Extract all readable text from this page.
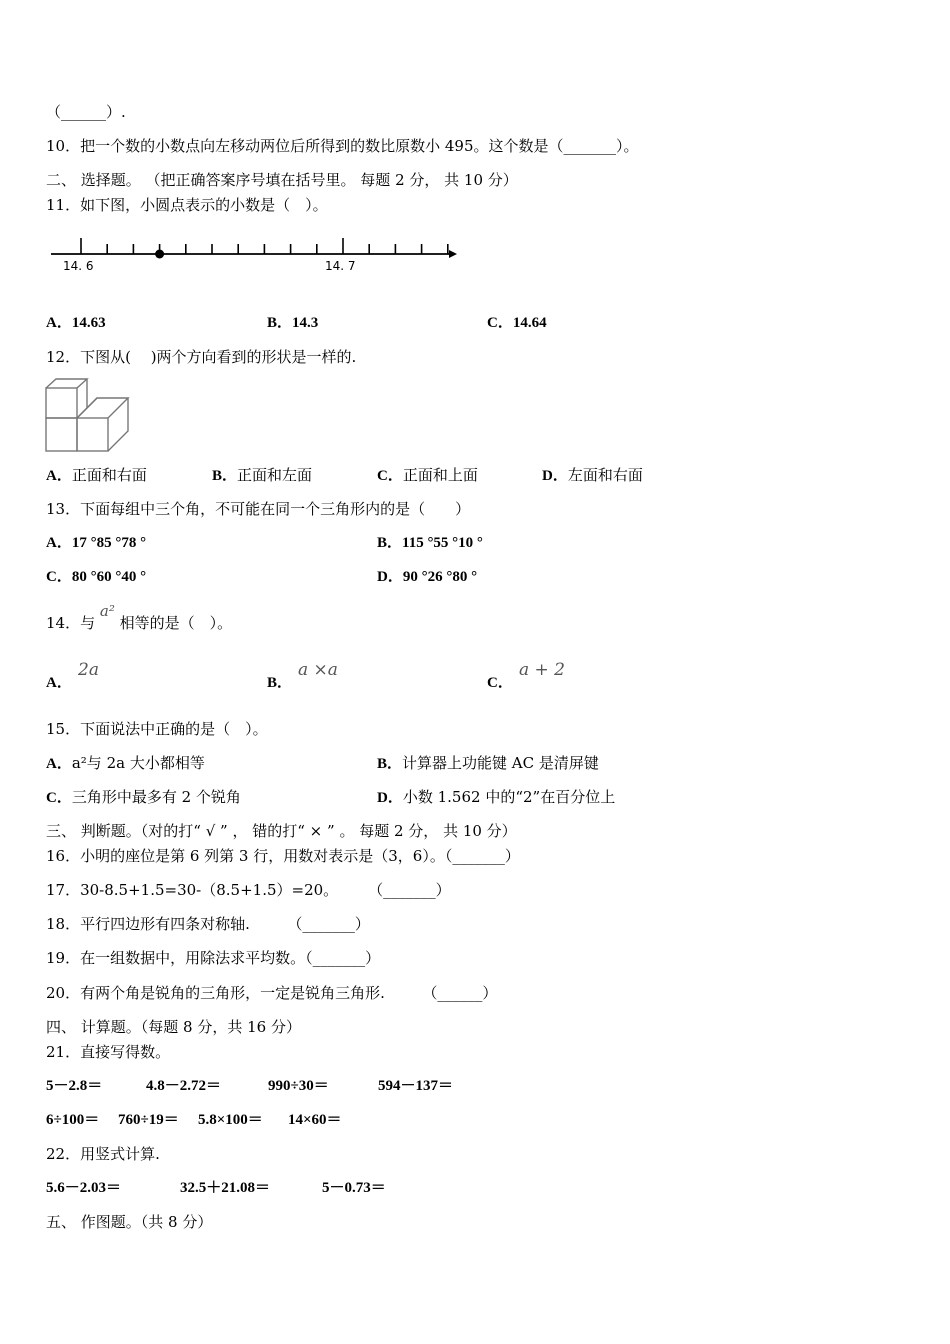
（______）.
10．把一个数的小数点向左移动两位后所得到的数比原数小 495。这个数是（_______）。
二、 选择题。 （把正确答案序号填在括号里。 每题 2 分， 共 10 分）
11．如下图，小圆点表示的小数是（　）。
14. 6	14. 7
A．14.63	B．14.3	C．14.64
12．下图从(　 )两个方向看到的形状是一样的.
A．正面和右面	B．正面和左面	C．正面和上面	D．左面和右面
13．下面每组中三个角，不可能在同一个三角形内的是（　　）
A．17 °85 °78 °	B．115 °55 °10 °
C．80 °60 °40 °	D．90 °26 °80 °
14．与 a² 相等的是（　）。
A．
2a
B．
a ×a
C．
a + 2
15．下面说法中正确的是（　）。
A．a²与 2a 大小都相等	B．计算器上功能键 AC 是清屏键
C．三角形中最多有 2 个锐角	D．小数 1.562 中的“2”在百分位上
三、 判断题。（对的打“ √ ” ， 错的打“ × ” 。 每题 2 分， 共 10 分）
16．小明的座位是第 6 列第 3 行，用数对表示是（3，6）。（_______）
17．30-8.5+1.5=30-（8.5+1.5）=20。　　　（_______）
18．平行四边形有四条对称轴.　　　（_______）
19．在一组数据中，用除法求平均数。（_______）
20．有两个角是锐角的三角形，一定是锐角三角形.　　　（______）
四、 计算题。（每题 8 分，共 16 分）
21．直接写得数。
5－2.8＝	4.8－2.72＝	990÷30＝	594－137＝
6÷100＝ 760÷19＝ 5.8×100＝ 14×60＝
22．用竖式计算.
5.6－2.03＝	32.5＋21.08＝	5－0.73＝
五、 作图题。（共 8 分）
